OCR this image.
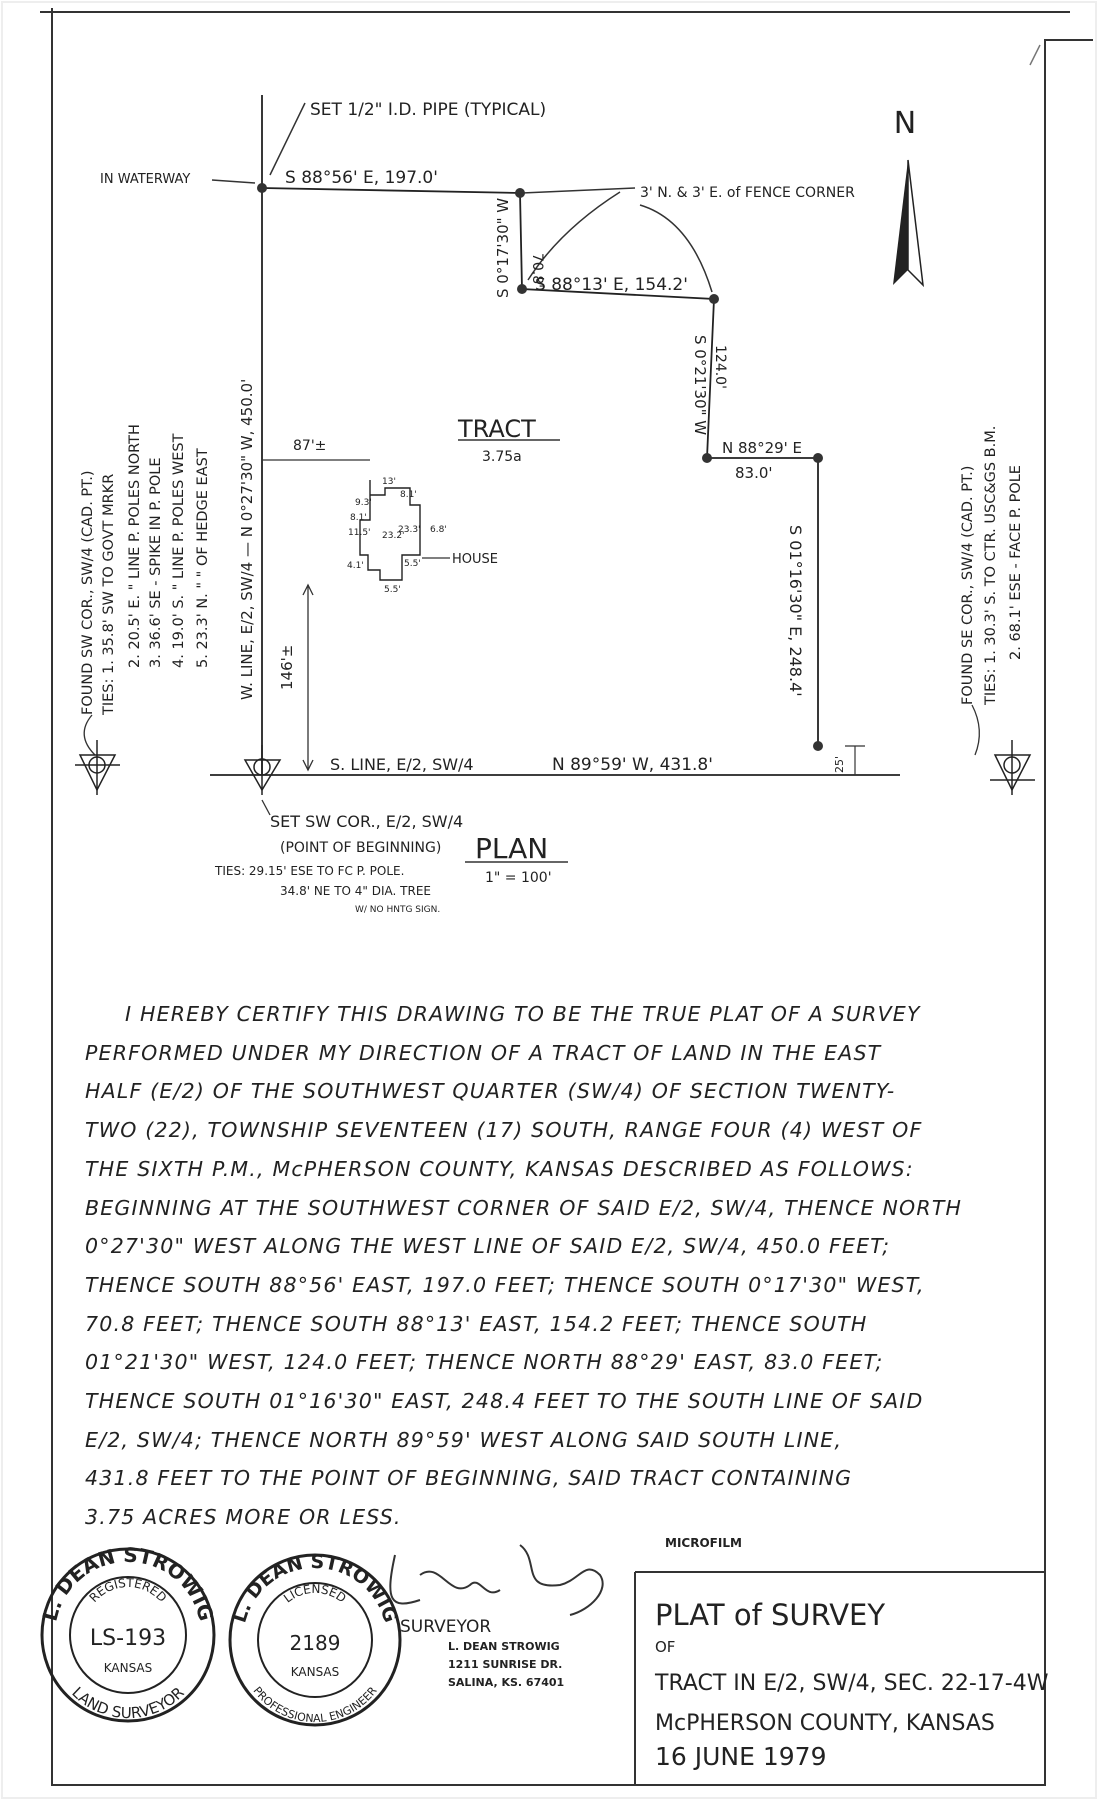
N
SET 1/2" I.D. PIPE (TYPICAL)
IN WATERWAY
3' N. & 3' E. of FENCE CORNER
S 88°56' E, 197.0'
S 0°17'30" W 70.8'
S 88°13' E, 154.2'
S 0°21'30" W 124.0'
N 88°29' E
83.0'
S 01°16'30" E, 248.4'
W. LINE, E/2, SW/4 — N 0°27'30" W, 450.0'
S. LINE, E/2, SW/4	N 89°59' W, 431.8'
TRACT
3.75a
87'±
146'±
25'
13'
8.1'
9.3'
8.1'
11.5'	23.3'
23.2'
6.8'
4.1'
5.5'
5.5' HOUSE
FOUND SW COR., SW/4 (CAD. PT.) TIES: 1. 35.8' SW TO GOVT MRKR 2. 20.5' E. " LINE P. POLES NORTH 3. 36.6' SE - SPIKE IN P. POLE 4. 19.0' S. " LINE P. POLES WEST 5. 23.3' N. " " OF HEDGE EAST
SET SW COR., E/2, SW/4
(POINT OF BEGINNING)
TIES: 29.15' ESE TO FC P. POLE.
34.8' NE TO 4" DIA. TREE
W/ NO HNTG SIGN.
PLAN
1" = 100'
FOUND SE COR., SW/4 (CAD. PT.) TIES: 1. 30.3' S. TO CTR. USC&GS B.M. 2. 68.1' ESE - FACE P. POLE
L. DEAN STROWIG
LAND SURVEYOR
REGISTERED
LS-193
KANSAS
L. DEAN STROWIG
PROFESSIONAL ENGINEER
LICENSED
2189
KANSAS
SURVEYOR
L. DEAN STROWIG
1211 SUNRISE DR.
SALINA, KS. 67401
MICROFILM
PLAT of SURVEY
OF
TRACT IN E/2, SW/4, SEC. 22-17-4W
McPHERSON COUNTY, KANSAS
16 JUNE 1979
I HEREBY CERTIFY THIS DRAWING TO BE THE TRUE PLAT OF A SURVEY
PERFORMED UNDER MY DIRECTION OF A TRACT OF LAND IN THE EAST
HALF (E/2) OF THE SOUTHWEST QUARTER (SW/4) OF SECTION TWENTY-
TWO (22), TOWNSHIP SEVENTEEN (17) SOUTH, RANGE FOUR (4) WEST OF
THE SIXTH P.M., McPHERSON COUNTY, KANSAS DESCRIBED AS FOLLOWS:
BEGINNING AT THE SOUTHWEST CORNER OF SAID E/2, SW/4, THENCE NORTH
0°27'30" WEST ALONG THE WEST LINE OF SAID E/2, SW/4, 450.0 FEET;
THENCE SOUTH 88°56' EAST, 197.0 FEET; THENCE SOUTH 0°17'30" WEST,
70.8 FEET; THENCE SOUTH 88°13' EAST, 154.2 FEET; THENCE SOUTH
01°21'30" WEST, 124.0 FEET; THENCE NORTH 88°29' EAST, 83.0 FEET;
THENCE SOUTH 01°16'30" EAST, 248.4 FEET TO THE SOUTH LINE OF SAID
E/2, SW/4; THENCE NORTH 89°59' WEST ALONG SAID SOUTH LINE,
431.8 FEET TO THE POINT OF BEGINNING, SAID TRACT CONTAINING
3.75 ACRES MORE OR LESS.
